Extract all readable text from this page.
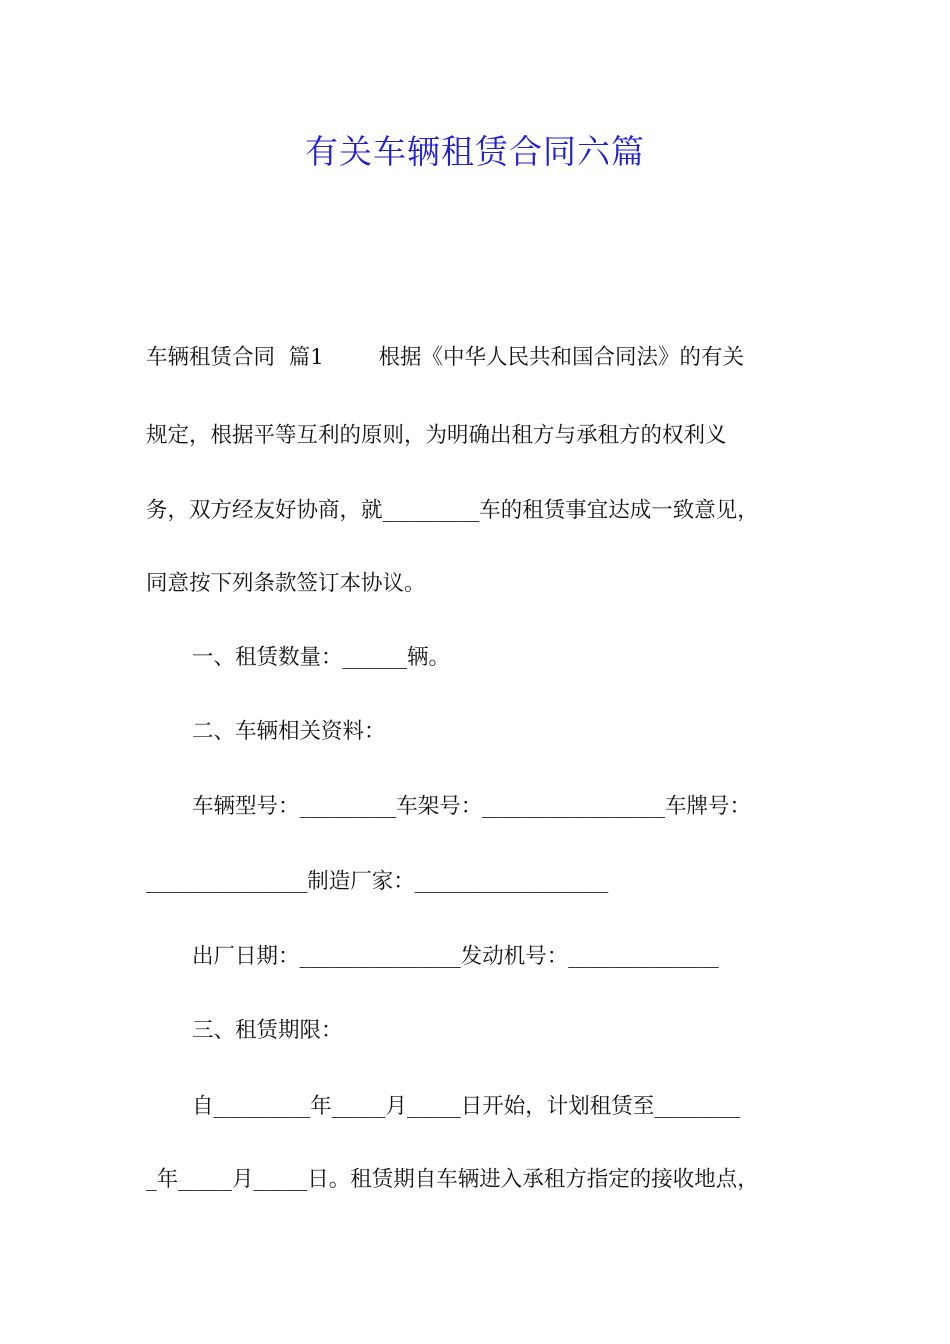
有关车辆租赁合同六篇
车辆租赁合同  篇1        根据《中华人民共和国合同法》的有关
规定，根据平等互利的原则，为明确出租方与承租方的权利义
务，双方经友好协商，就_________车的租赁事宜达成一致意见，
同意按下列条款签订本协议。
一、租赁数量：______辆。
二、车辆相关资料：
车辆型号：_________车架号：_________________车牌号：
_______________制造厂家：__________________
出厂日期：_______________发动机号：______________
三、租赁期限：
自_________年_____月_____日开始，计划租赁至________
_年_____月_____日。租赁期自车辆进入承租方指定的接收地点，
